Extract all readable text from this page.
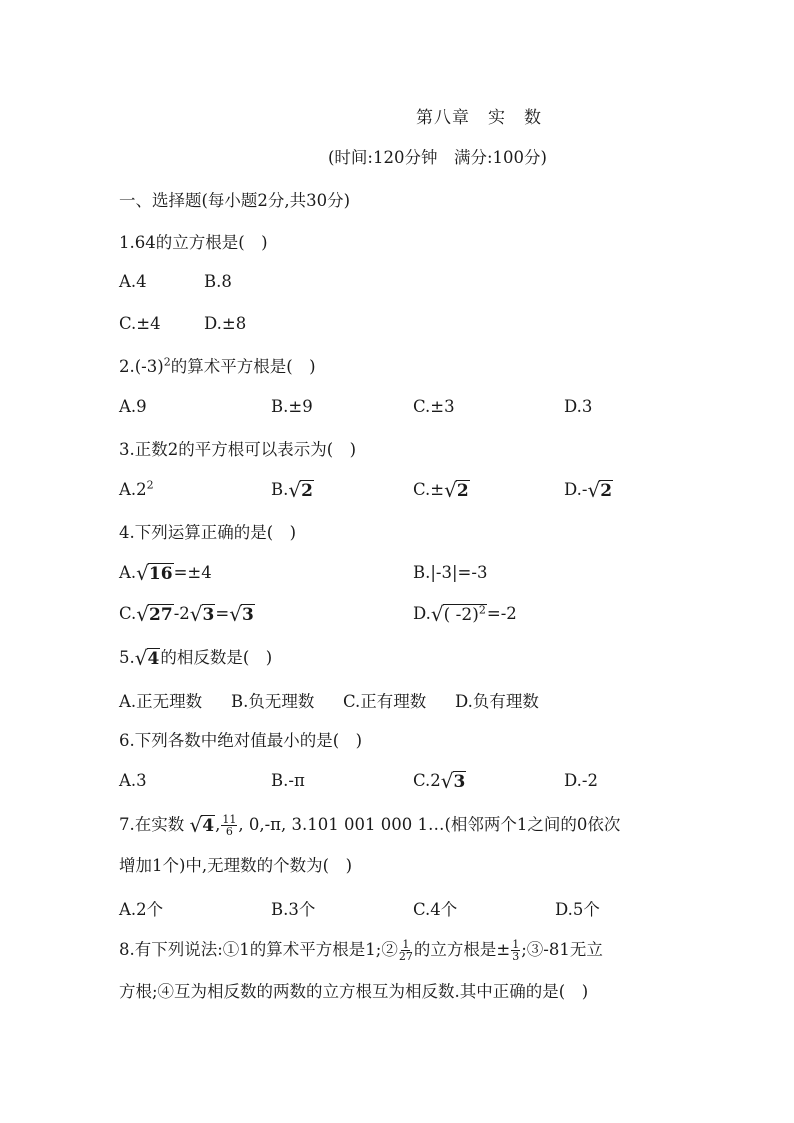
第八章　实　数
(时间:120分钟　满分:100分)
一、选择题(每小题2分,共30分)
1.64的立方根是(　)
A.4	B.8
C.±4	D.±8
$2.(-3)^2$的算术平方根是(　)
A.9	B.±9	C.±3	D.3
3.正数2的平方根可以表示为(　)
$A.2^2$	B. √ 2	C.± √ 2	D.- √ 2
4.下列运算正确的是(　)
A. √ 16 =±4	B.|-3|=-3
C. √ 27 -2 √ 3 = √ 3	D. √ ( -2)$^2$ =-2
5. √ 4 的相反数是(　)
A.正无理数 B.负无理数 C.正有理数 D.负有理数
6.下列各数中绝对值最小的是(　)
A.3	B.-π	C.2 √ 3	D.-2
7.在实数 √ 4 , $\frac{11}{6}$ , 0,-π, 3.101 001 000 1…(相邻两个1之间的0依次
增加1个)中,无理数的个数为(　)
A.2个	B.3个	C.4个	D.5个
8.有下列说法:①1的算术平方根是1;② $\frac{1}{27}$ 的立方根是± $\frac{1}{3}$ ;③-81无立
方根;④互为相反数的两数的立方根互为相反数.其中正确的是(　)
